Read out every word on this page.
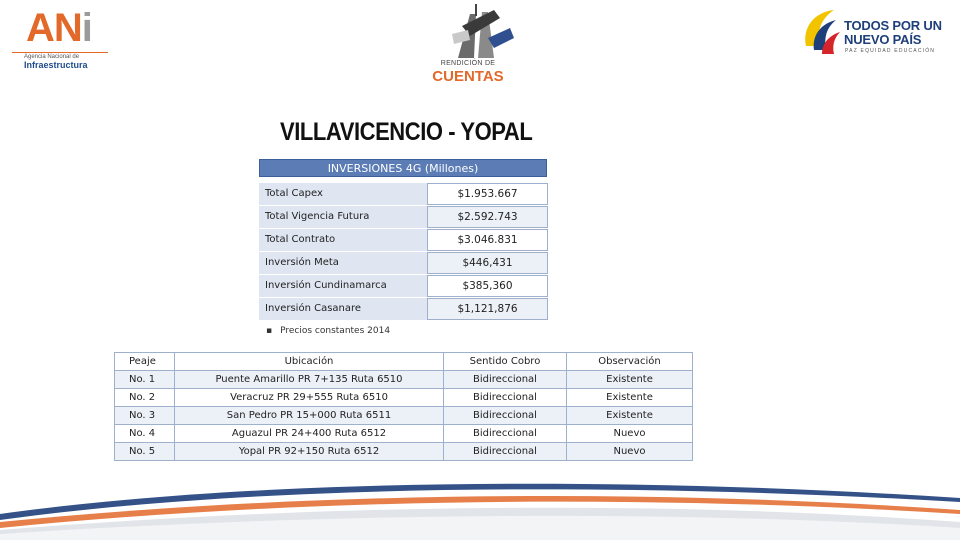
ANi
Agencia Nacional de
Infraestructura	RENDICIÓN DE
CUENTAS
TODOS POR UN
NUEVO PAÍS
PAZ EQUIDAD EDUCACIÓN
VILLAVICENCIO - YOPAL
INVERSIONES 4G (Millones)
Total Capex	$1.953.667
Total Vigencia Futura	$2.592.743
Total Contrato	$3.046.831
Inversión Meta	$446,431
Inversión Cundinamarca	$385,360
Inversión Casanare	$1,121,876
▪ Precios constantes 2014
Peaje	Ubicación	Sentido Cobro	Observación
No. 1	Puente Amarillo PR 7+135 Ruta 6510	Bidireccional	Existente
No. 2	Veracruz PR 29+555 Ruta 6510	Bidireccional	Existente
No. 3	San Pedro PR 15+000 Ruta 6511	Bidireccional	Existente
No. 4	Aguazul PR 24+400 Ruta 6512	Bidireccional	Nuevo
No. 5	Yopal PR 92+150 Ruta 6512	Bidireccional	Nuevo
